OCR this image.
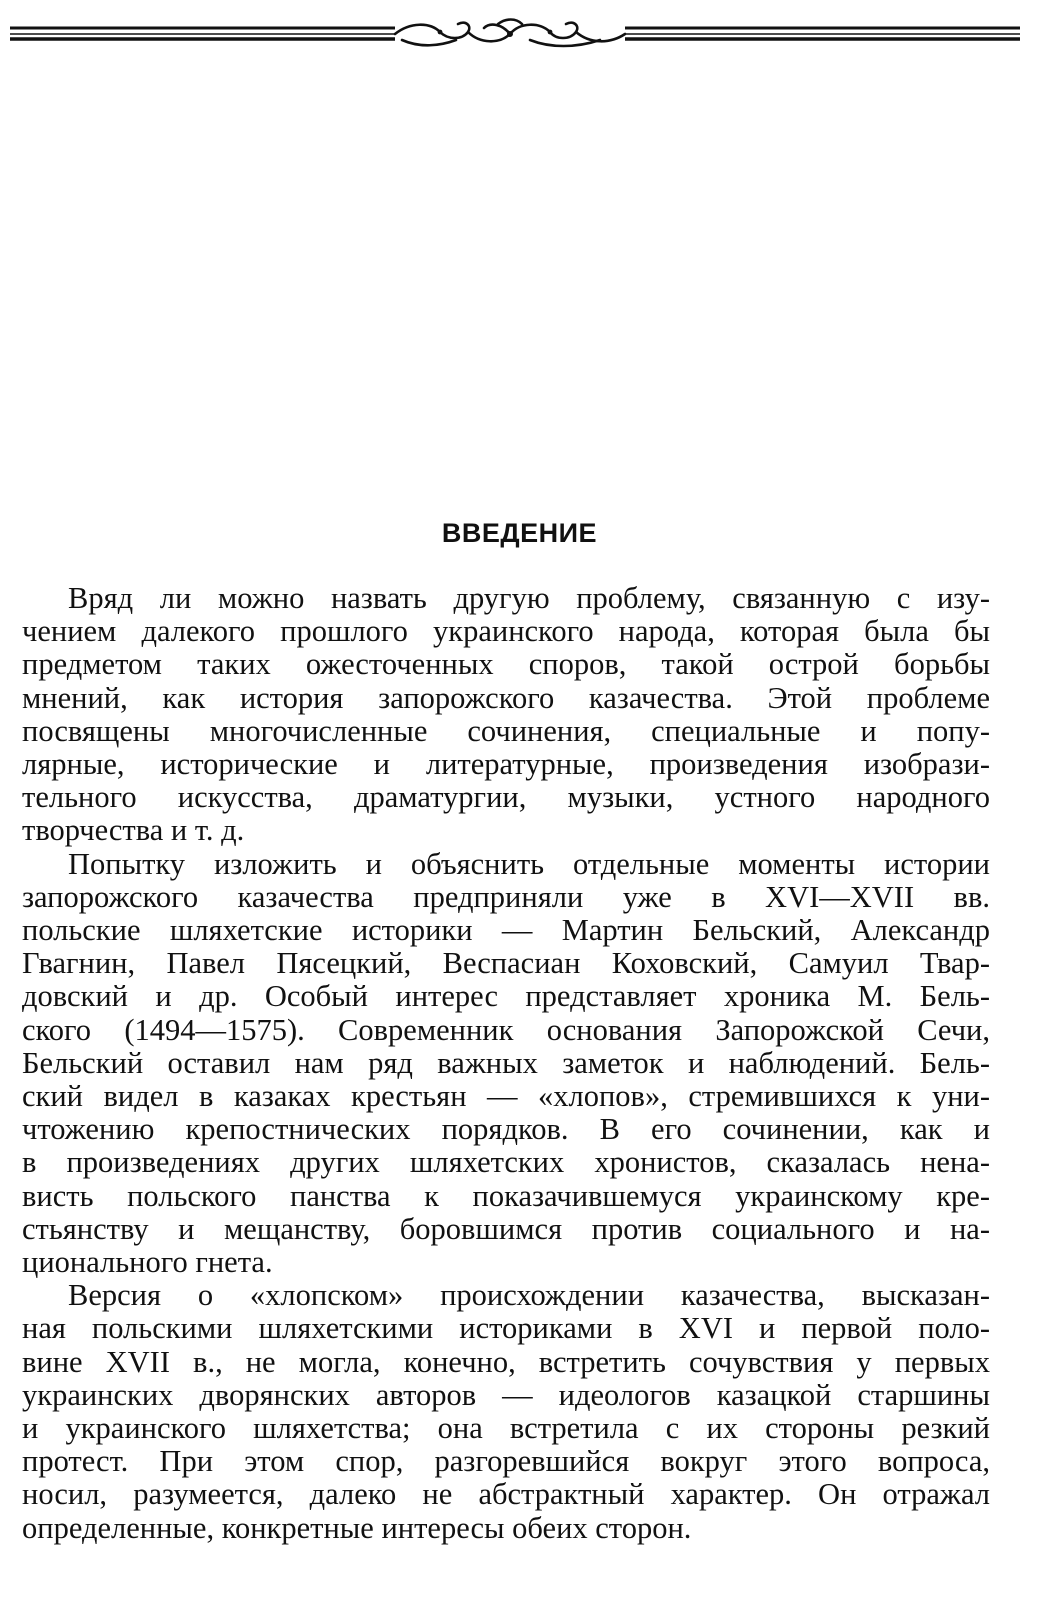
ВВЕДЕНИЕ
Вряд ли можно назвать другую проблему, связанную с изу-
чением далекого прошлого украинского народа, которая была бы
предметом таких ожесточенных споров, такой острой борьбы
мнений, как история запорожского казачества. Этой проблеме
посвящены многочисленные сочинения, специальные и попу-
лярные, исторические и литературные, произведения изобрази-
тельного искусства, драматургии, музыки, устного народного
творчества и т. д.
Попытку изложить и объяснить отдельные моменты истории
запорожского казачества предприняли уже в XVI—XVII вв.
польские шляхетские историки — Мартин Бельский, Александр
Гвагнин, Павел Пясецкий, Веспасиан Коховский, Самуил Твар-
довский и др. Особый интерес представляет хроника М. Бель-
ского (1494—1575). Современник основания Запорожской Сечи,
Бельский оставил нам ряд важных заметок и наблюдений. Бель-
ский видел в казаках крестьян — «хлопов», стремившихся к уни-
чтожению крепостнических порядков. В его сочинении, как и
в произведениях других шляхетских хронистов, сказалась нена-
висть польского панства к показачившемуся украинскому кре-
стьянству и мещанству, боровшимся против социального и на-
ционального гнета.
Версия о «хлопском» происхождении казачества, высказан-
ная польскими шляхетскими историками в XVI и первой поло-
вине XVII в., не могла, конечно, встретить сочувствия у первых
украинских дворянских авторов — идеологов казацкой старшины
и украинского шляхетства; она встретила с их стороны резкий
протест. При этом спор, разгоревшийся вокруг этого вопроса,
носил, разумеется, далеко не абстрактный характер. Он отражал
определенные, конкретные интересы обеих сторон.
